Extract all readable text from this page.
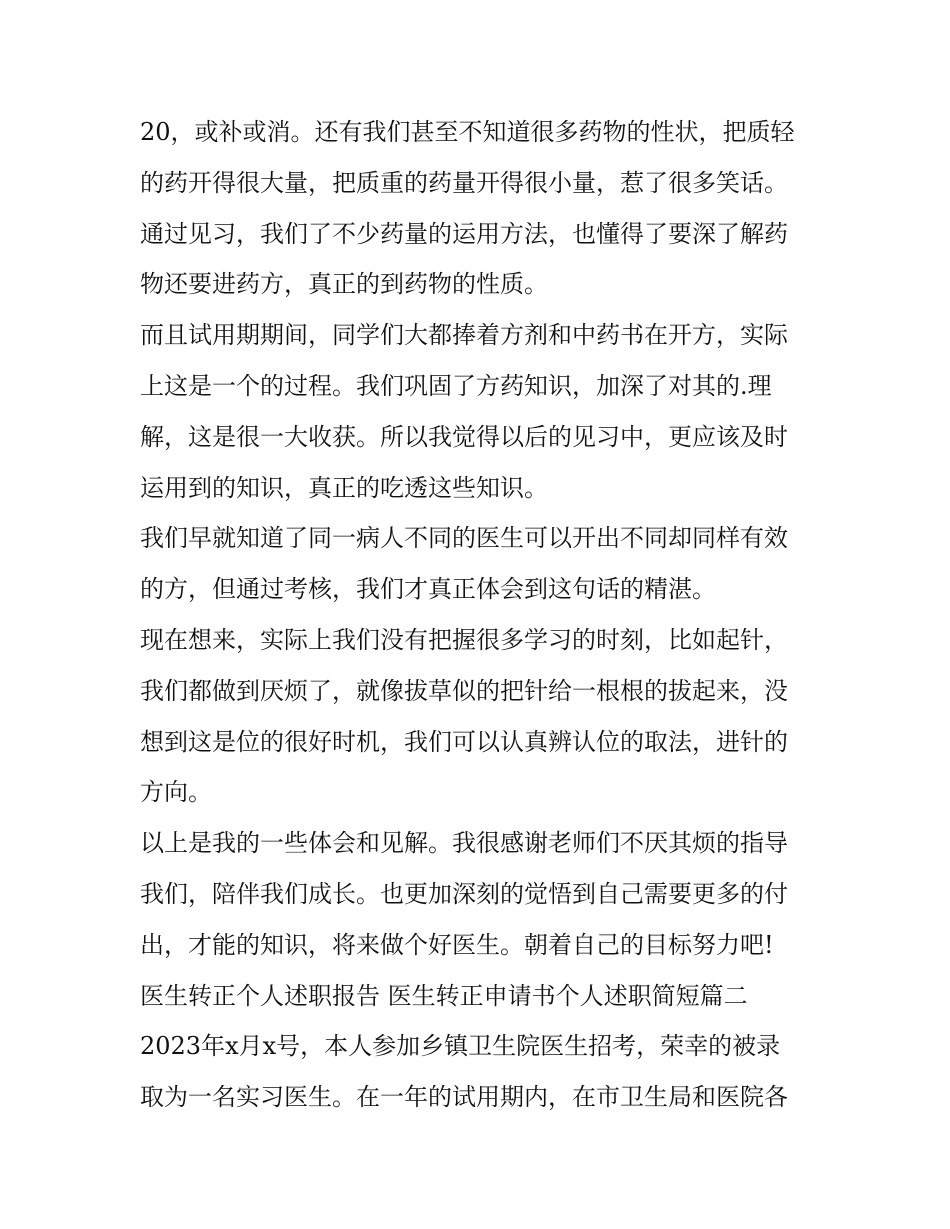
20，或补或消。还有我们甚至不知道很多药物的性状，把质轻
的药开得很大量，把质重的药量开得很小量，惹了很多笑话。
通过见习，我们了不少药量的运用方法，也懂得了要深了解药
物还要进药方，真正的到药物的性质。
而且试用期期间，同学们大都捧着方剂和中药书在开方，实际
上这是一个的过程。我们巩固了方药知识，加深了对其的.理
解，这是很一大收获。所以我觉得以后的见习中，更应该及时
运用到的知识，真正的吃透这些知识。
我们早就知道了同一病人不同的医生可以开出不同却同样有效
的方，但通过考核，我们才真正体会到这句话的精湛。
现在想来，实际上我们没有把握很多学习的时刻，比如起针，
我们都做到厌烦了，就像拔草似的把针给一根根的拔起来，没
想到这是位的很好时机，我们可以认真辨认位的取法，进针的
方向。
以上是我的一些体会和见解。我很感谢老师们不厌其烦的指导
我们，陪伴我们成长。也更加深刻的觉悟到自己需要更多的付
出，才能的知识，将来做个好医生。朝着自己的目标努力吧!
医生转正个人述职报告 医生转正申请书个人述职简短篇二
2023年x月x号，本人参加乡镇卫生院医生招考，荣幸的被录
取为一名实习医生。在一年的试用期内，在市卫生局和医院各
